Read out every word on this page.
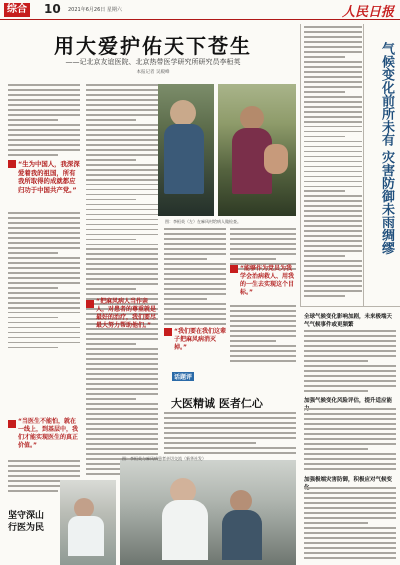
综合 10 2021年6月26日 星期六	人民日报
用大爱护佑天下苍生
——记北京友谊医院、北京热带医学研究所研究员李桓英
本报记者 吴殿峰
“生为中国人，我深深爱着我的祖国，所有我所取得的成就都应归功于中国共产党。”
“当医生不能怕，就在一线上，到基层中，我们才能实现医生的真正价值。”
图：李桓英（左）在麻风村给病人做检查。
“我们要在我们这辈子把麻风病消灭掉。”
“能够作为党员为我学会治病救人、用我的一生去实现这个目标。”
“把麻风病人当作亲人，对患者的尊重就是最好的治疗，我们要尽最大努力帮助他们。”
话题评
大医精诚 医者仁心
图：李桓英与麻风病患者亲切交流（新华社发）
坚守深山 行医为民
气候变化前所未有 灾害防御未雨绸缪
全球气候变化影响加剧，未来极端天气气候事件或更频繁
加强气候变化风险评估，提升适应能
加强极端灾害防御，积极应对气候变
